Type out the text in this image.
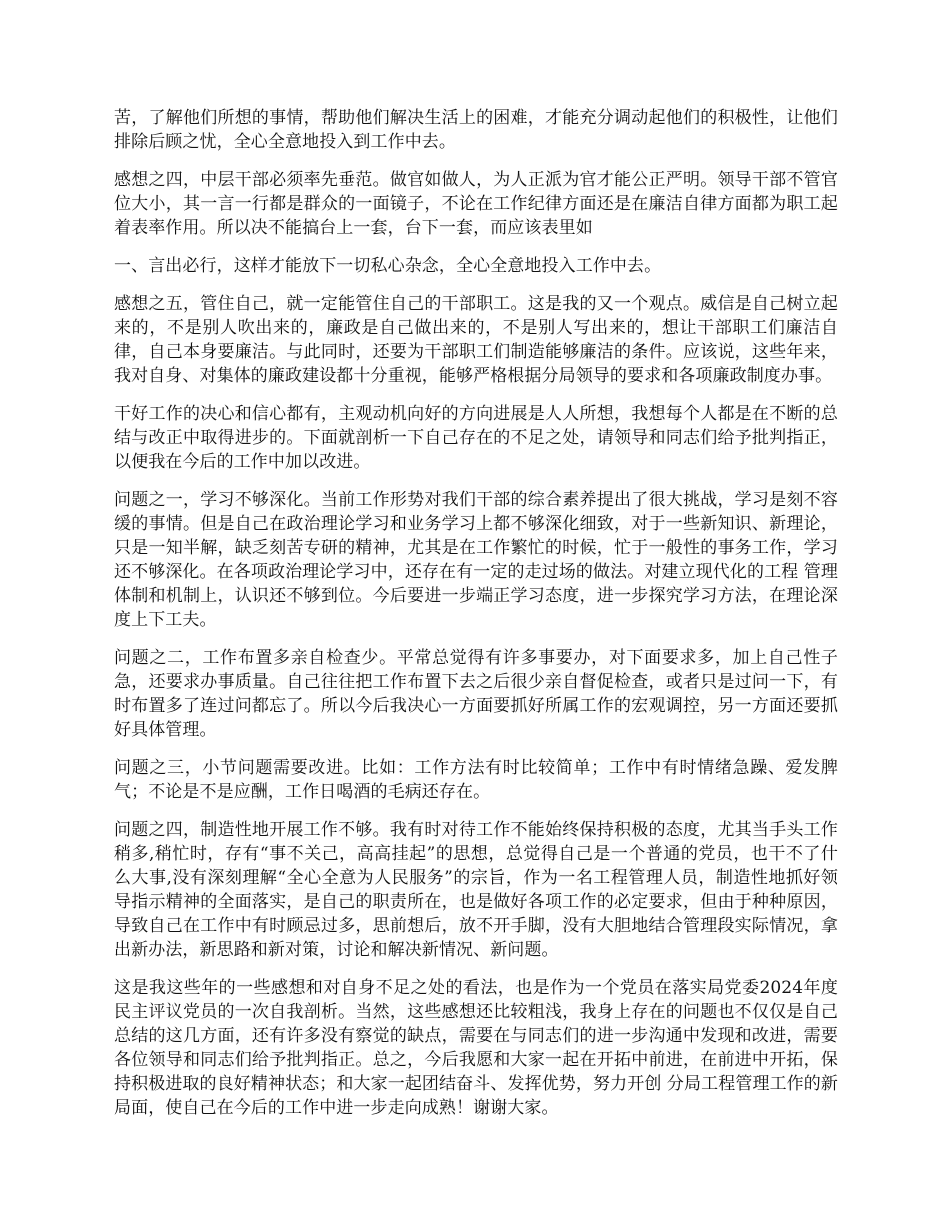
苦，了解他们所想的事情，帮助他们解决生活上的困难，才能充分调动起他们的积极性，让他们排除后顾之忧，全心全意地投入到工作中去。

感想之四，中层干部必须率先垂范。做官如做人，为人正派为官才能公正严明。领导干部不管官位大小，其一言一行都是群众的一面镜子，不论在工作纪律方面还是在廉洁自律方面都为职工起着表率作用。所以决不能搞台上一套，台下一套，而应该表里如

一、言出必行，这样才能放下一切私心杂念，全心全意地投入工作中去。

感想之五，管住自己，就一定能管住自己的干部职工。这是我的又一个观点。威信是自己树立起来的，不是别人吹出来的，廉政是自己做出来的，不是别人写出来的，想让干部职工们廉洁自律，自己本身要廉洁。与此同时，还要为干部职工们制造能够廉洁的条件。应该说，这些年来，我对自身、对集体的廉政建设都十分重视，能够严格根据分局领导的要求和各项廉政制度办事。

干好工作的决心和信心都有，主观动机向好的方向进展是人人所想，我想每个人都是在不断的总结与改正中取得进步的。下面就剖析一下自己存在的不足之处，请领导和同志们给予批判指正，以便我在今后的工作中加以改进。

问题之一，学习不够深化。当前工作形势对我们干部的综合素养提出了很大挑战，学习是刻不容缓的事情。但是自己在政治理论学习和业务学习上都不够深化细致，对于一些新知识、新理论，只是一知半解，缺乏刻苦专研的精神，尤其是在工作繁忙的时候，忙于一般性的事务工作，学习还不够深化。在各项政治理论学习中，还存在有一定的走过场的做法。对建立现代化的工程 管理体制和机制上，认识还不够到位。今后要进一步端正学习态度，进一步探究学习方法，在理论深度上下工夫。

问题之二，工作布置多亲自检查少。平常总觉得有许多事要办，对下面要求多，加上自己性子急，还要求办事质量。自己往往把工作布置下去之后很少亲自督促检查，或者只是过问一下，有时布置多了连过问都忘了。所以今后我决心一方面要抓好所属工作的宏观调控，另一方面还要抓好具体管理。

问题之三，小节问题需要改进。比如：工作方法有时比较简单；工作中有时情绪急躁、爱发脾气；不论是不是应酬，工作日喝酒的毛病还存在。

问题之四，制造性地开展工作不够。我有时对待工作不能始终保持积极的态度，尤其当手头工作稍多,稍忙时，存有“事不关己，高高挂起”的思想，总觉得自己是一个普通的党员，也干不了什么大事,没有深刻理解“全心全意为人民服务”的宗旨，作为一名工程管理人员，制造性地抓好领导指示精神的全面落实，是自己的职责所在，也是做好各项工作的必定要求，但由于种种原因，导致自己在工作中有时顾忌过多，思前想后，放不开手脚，没有大胆地结合管理段实际情况，拿出新办法，新思路和新对策，讨论和解决新情况、新问题。

这是我这些年的一些感想和对自身不足之处的看法，也是作为一个党员在落实局党委2024年度民主评议党员的一次自我剖析。当然，这些感想还比较粗浅，我身上存在的问题也不仅仅是自己总结的这几方面，还有许多没有察觉的缺点，需要在与同志们的进一步沟通中发现和改进，需要各位领导和同志们给予批判指正。总之，今后我愿和大家一起在开拓中前进，在前进中开拓，保持积极进取的良好精神状态；和大家一起团结奋斗、发挥优势，努力开创 分局工程管理工作的新局面，使自己在今后的工作中进一步走向成熟！谢谢大家。
